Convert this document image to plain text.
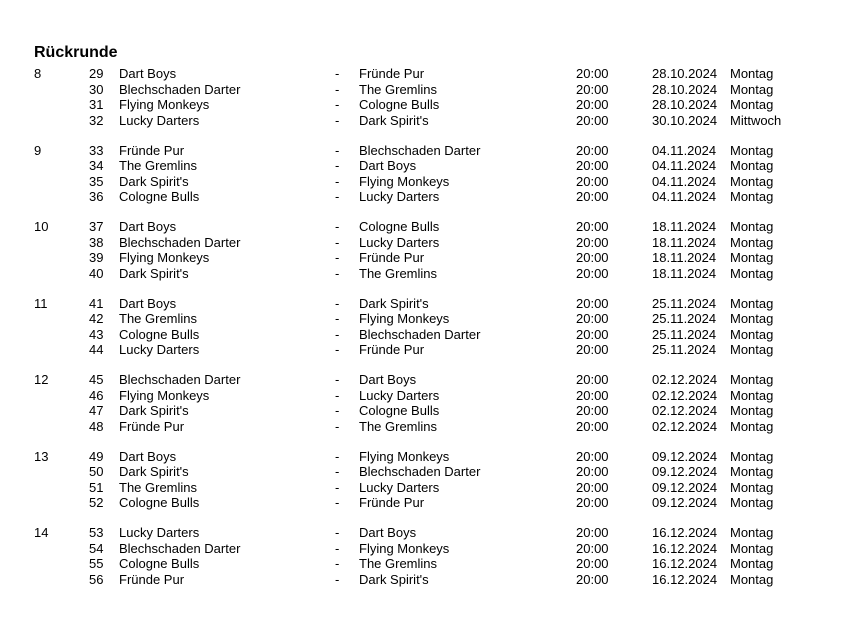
Rückrunde
8	29 Dart Boys	- Fründe Pur	20:00	28.10.2024 Montag
30 Blechschaden Darter	- The Gremlins	20:00	28.10.2024 Montag
31 Flying Monkeys	- Cologne Bulls	20:00	28.10.2024 Montag
32 Lucky Darters	- Dark Spirit's	20:00	30.10.2024 Mittwoch
9	33 Fründe Pur	- Blechschaden Darter	20:00	04.11.2024 Montag
34 The Gremlins	- Dart Boys	20:00	04.11.2024 Montag
35 Dark Spirit's	- Flying Monkeys	20:00	04.11.2024 Montag
36 Cologne Bulls	- Lucky Darters	20:00	04.11.2024 Montag
10	37 Dart Boys	- Cologne Bulls	20:00	18.11.2024 Montag
38 Blechschaden Darter	- Lucky Darters	20:00	18.11.2024 Montag
39 Flying Monkeys	- Fründe Pur	20:00	18.11.2024 Montag
40 Dark Spirit's	- The Gremlins	20:00	18.11.2024 Montag
11	41 Dart Boys	- Dark Spirit's	20:00	25.11.2024 Montag
42 The Gremlins	- Flying Monkeys	20:00	25.11.2024 Montag
43 Cologne Bulls	- Blechschaden Darter	20:00	25.11.2024 Montag
44 Lucky Darters	- Fründe Pur	20:00	25.11.2024 Montag
12	45 Blechschaden Darter	- Dart Boys	20:00	02.12.2024 Montag
46 Flying Monkeys	- Lucky Darters	20:00	02.12.2024 Montag
47 Dark Spirit's	- Cologne Bulls	20:00	02.12.2024 Montag
48 Fründe Pur	- The Gremlins	20:00	02.12.2024 Montag
13	49 Dart Boys	- Flying Monkeys	20:00	09.12.2024 Montag
50 Dark Spirit's	- Blechschaden Darter	20:00	09.12.2024 Montag
51 The Gremlins	- Lucky Darters	20:00	09.12.2024 Montag
52 Cologne Bulls	- Fründe Pur	20:00	09.12.2024 Montag
14	53 Lucky Darters	- Dart Boys	20:00	16.12.2024 Montag
54 Blechschaden Darter	- Flying Monkeys	20:00	16.12.2024 Montag
55 Cologne Bulls	- The Gremlins	20:00	16.12.2024 Montag
56 Fründe Pur	- Dark Spirit's	20:00	16.12.2024 Montag
